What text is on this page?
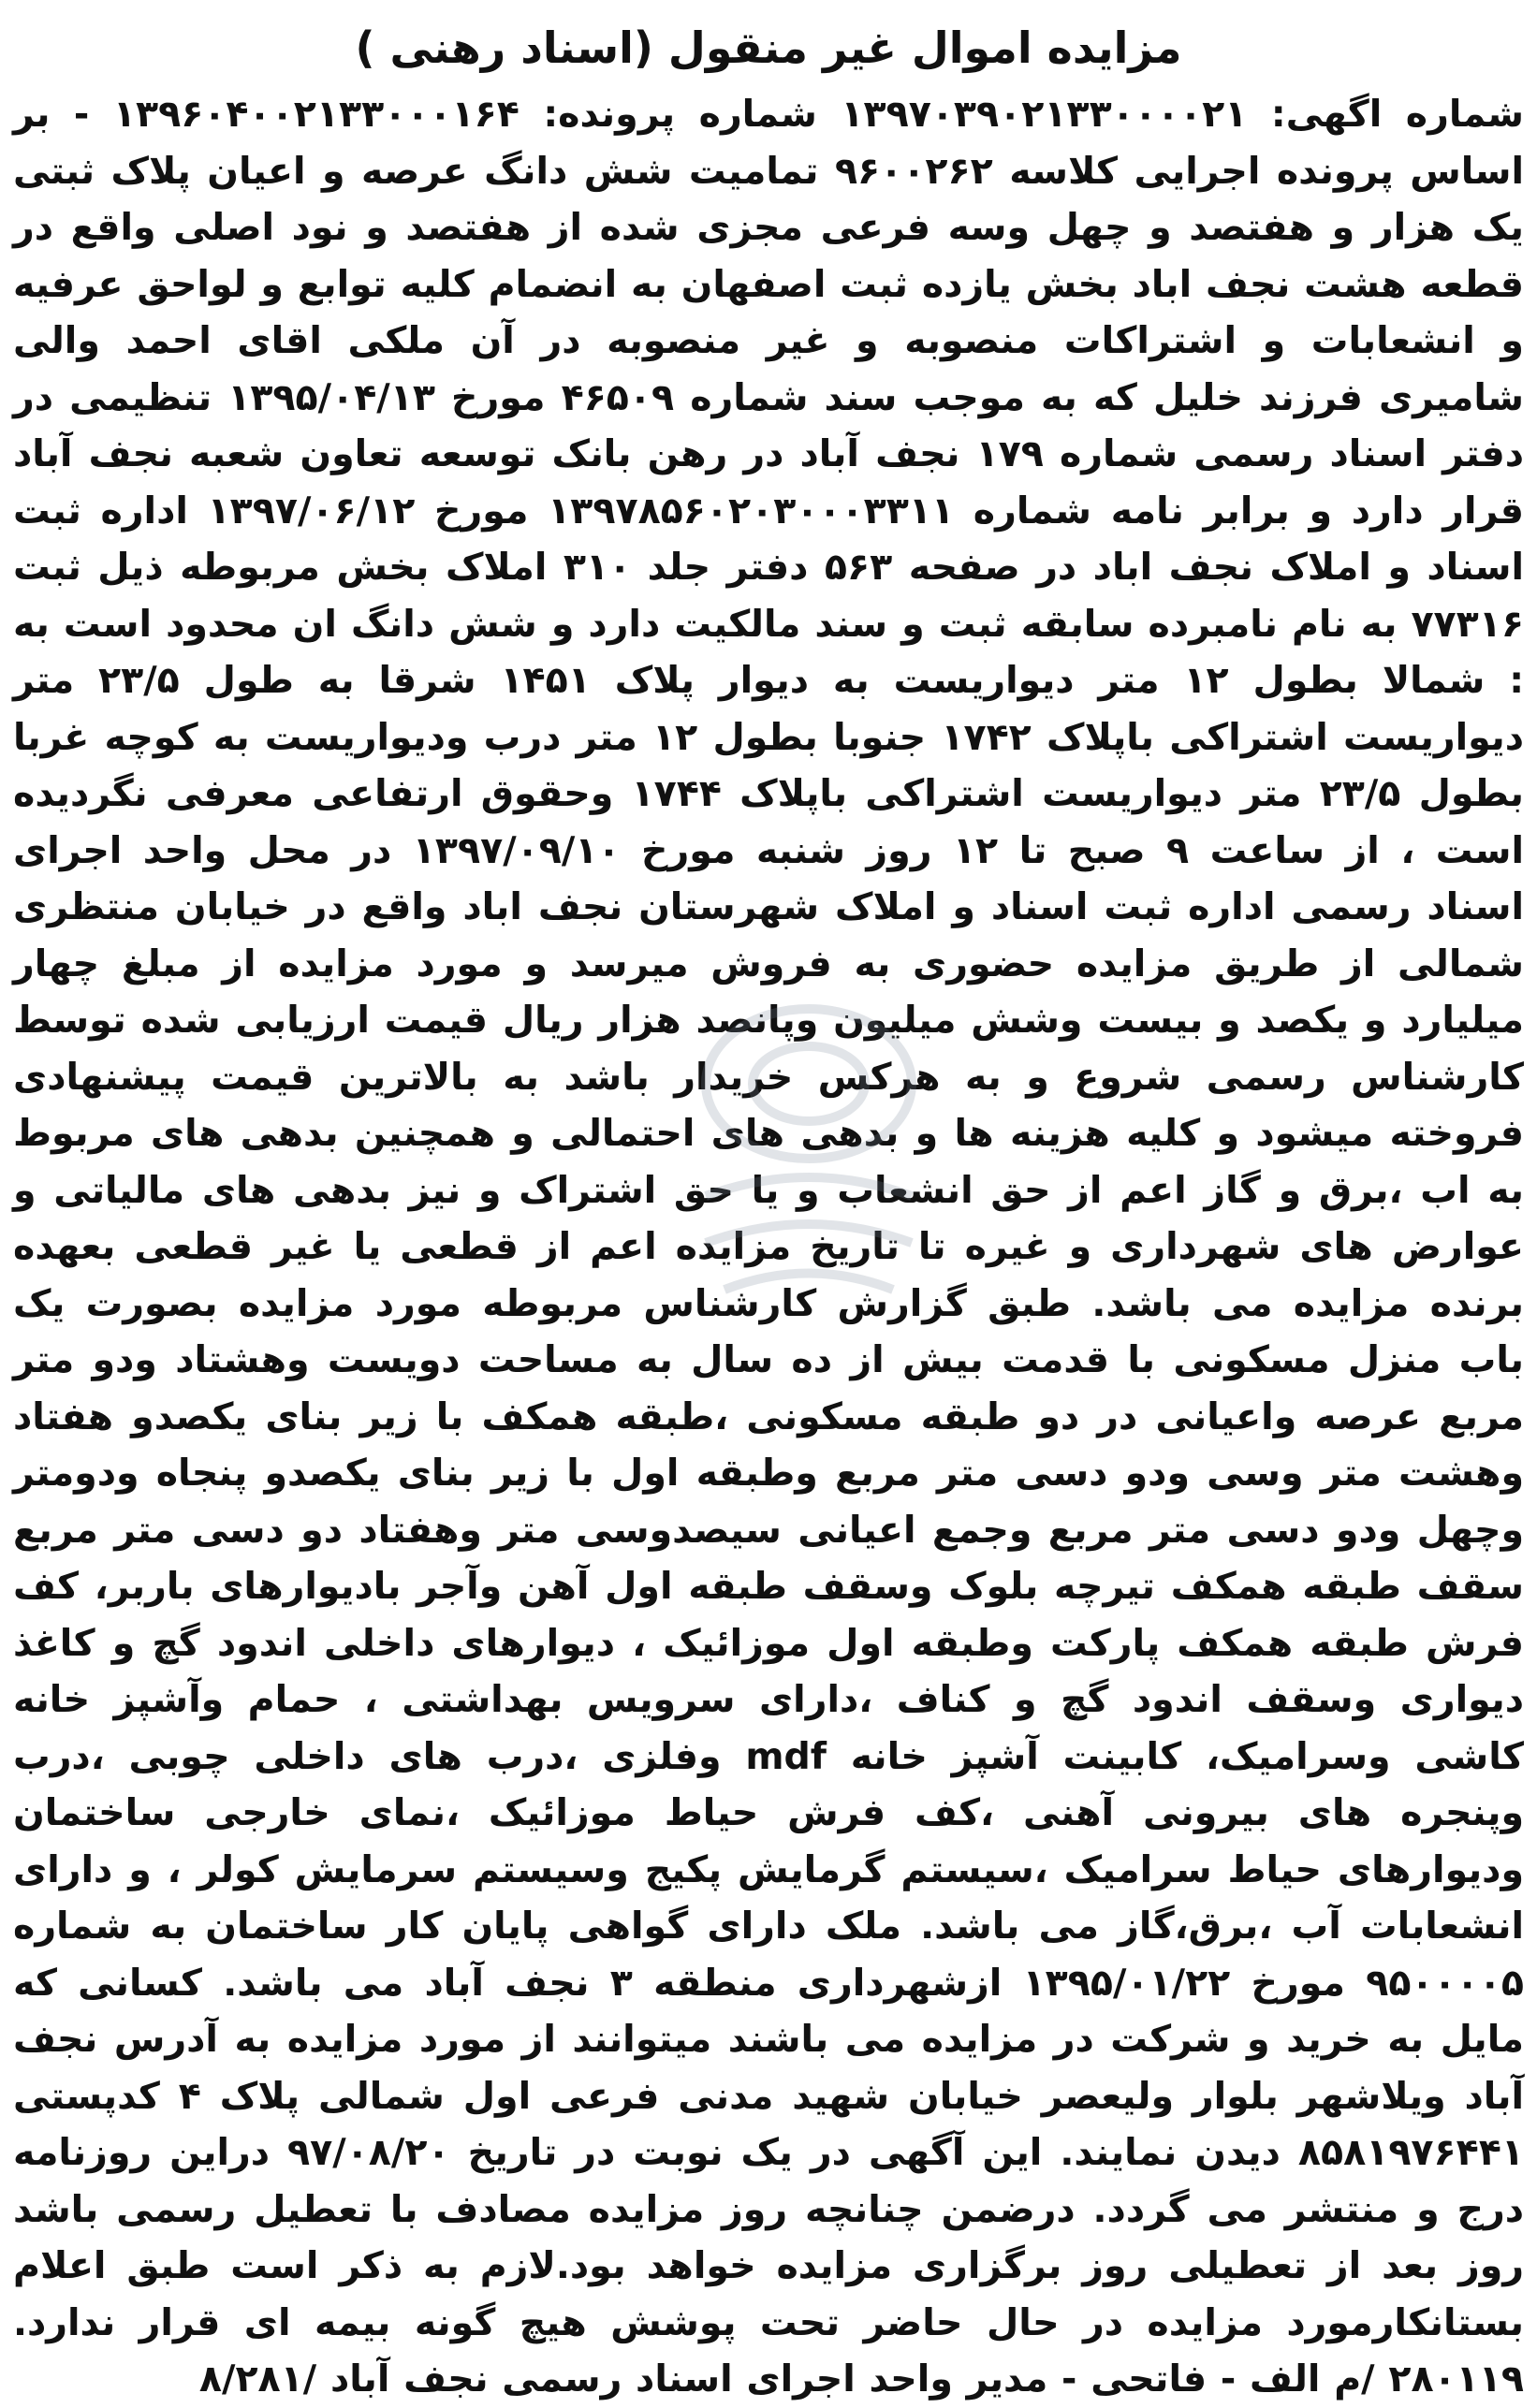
مزایده اموال غیر منقول (اسناد رهنی )

شماره اگهی: ۱۳۹۷۰۳۹۰۲۱۳۳۰۰۰۰۲۱ شماره پرونده: ۱۳۹۶۰۴۰۰۲۱۳۳۰۰۰۱۶۴ - بر اساس پرونده اجرایی کلاسه ۹۶۰۰۲۶۲ تمامیت شش دانگ عرصه و اعیان پلاک ثبتی یک هزار و هفتصد و چهل وسه فرعی مجزی شده از هفتصد و نود اصلی واقع در قطعه هشت نجف اباد بخش یازده ثبت اصفهان به انضمام کلیه توابع و لواحق عرفیه و انشعابات و اشتراکات منصوبه و غیر منصوبه در آن ملکی اقای احمد والی شامیری فرزند خلیل که به موجب سند شماره ۴۶۵۰۹ مورخ ۱۳۹۵/۰۴/۱۳ تنظیمی در دفتر اسناد رسمی شماره ۱۷۹ نجف آباد در رهن بانک توسعه تعاون شعبه نجف آباد قرار دارد و برابر نامه شماره ۱۳۹۷۸۵۶۰۲۰۳۰۰۰۳۳۱۱ مورخ ۱۳۹۷/۰۶/۱۲ اداره ثبت اسناد و املاک نجف اباد در صفحه ۵۶۳ دفتر جلد ۳۱۰ املاک بخش مربوطه ذیل ثبت ۷۷۳۱۶ به نام نامبرده سابقه ثبت و سند مالکیت دارد و شش دانگ ان محدود است به : شمالا بطول ۱۲ متر دیواریست به دیوار پلاک ۱۴۵۱ شرقا به طول ۲۳/۵ متر دیواریست اشتراکی باپلاک ۱۷۴۲ جنوبا بطول ۱۲ متر درب ودیواریست به کوچه غربا بطول ۲۳/۵ متر دیواریست اشتراکی باپلاک ۱۷۴۴ وحقوق ارتفاعی معرفی نگردیده است ، از ساعت ۹ صبح تا ۱۲ روز شنبه مورخ ۱۳۹۷/۰۹/۱۰ در محل واحد اجرای اسناد رسمی اداره ثبت اسناد و املاک شهرستان نجف اباد واقع در خیابان منتظری شمالی از طریق مزایده حضوری به فروش میرسد و مورد مزایده از مبلغ چهار میلیارد و یکصد و بیست وشش میلیون وپانصد هزار ریال قیمت ارزیابی شده توسط کارشناس رسمی شروع و به هرکس خریدار باشد به بالاترین قیمت پیشنهادی فروخته میشود و کلیه هزینه ها و بدهی های احتمالی و همچنین بدهی های مربوط به اب ،برق و گاز اعم از حق انشعاب و یا حق اشتراک و نیز بدهی های مالیاتی و عوارض های شهرداری و غیره تا تاریخ مزایده اعم از قطعی یا غیر قطعی بعهده برنده مزایده می باشد. طبق گزارش کارشناس مربوطه مورد مزایده بصورت یک باب منزل مسکونی با قدمت بیش از ده سال به مساحت دویست وهشتاد ودو متر مربع عرصه واعیانی در دو طبقه مسکونی ،طبقه همکف با زیر بنای یکصدو هفتاد وهشت متر وسی ودو دسی متر مربع وطبقه اول با زیر بنای یکصدو پنجاه ودومتر وچهل ودو دسی متر مربع وجمع اعیانی سیصدوسی متر وهفتاد دو دسی متر مربع سقف طبقه همکف تیرچه بلوک وسقف طبقه اول آهن وآجر بادیوارهای باربر، کف فرش طبقه همکف پارکت وطبقه اول موزائیک ، دیوارهای داخلی اندود گچ و کاغذ دیواری وسقف اندود گچ و کناف ،دارای سرویس بهداشتی ، حمام وآشپز خانه کاشی وسرامیک، کابینت آشپز خانه mdf وفلزی ،درب های داخلی چوبی ،درب وپنجره های بیرونی آهنی ،کف فرش حیاط موزائیک ،نمای خارجی ساختمان ودیوارهای حیاط سرامیک ،سیستم گرمایش پکیج وسیستم سرمایش کولر ، و دارای انشعابات آب ،برق،گاز می باشد. ملک دارای گواهی پایان کار ساختمان به شماره ۹۵۰۰۰۰۵ مورخ ۱۳۹۵/۰۱/۲۲ ازشهرداری منطقه ۳ نجف آباد می باشد. کسانی که مایل به خرید و شرکت در مزایده می باشند میتوانند از مورد مزایده به آدرس نجف آباد ویلاشهر بلوار ولیعصر خیابان شهید مدنی فرعی اول شمالی پلاک ۴ کدپستی ۸۵۸۱۹۷۶۴۴۱ دیدن نمایند. این آگهی در یک نوبت در تاریخ ۹۷/۰۸/۲۰ دراین روزنامه درج و منتشر می گردد. درضمن چنانچه روز مزایده مصادف با تعطیل رسمی باشد روز بعد از تعطیلی روز برگزاری مزایده خواهد بود.لازم به ذکر است طبق اعلام بستانکارمورد مزایده در حال حاضر تحت پوشش هیچ گونه بیمه ای قرار ندارد. ۲۸۰۱۱۹ /م الف - فاتحی - مدیر واحد اجرای اسناد رسمی نجف آباد /۸/۲۸۱
